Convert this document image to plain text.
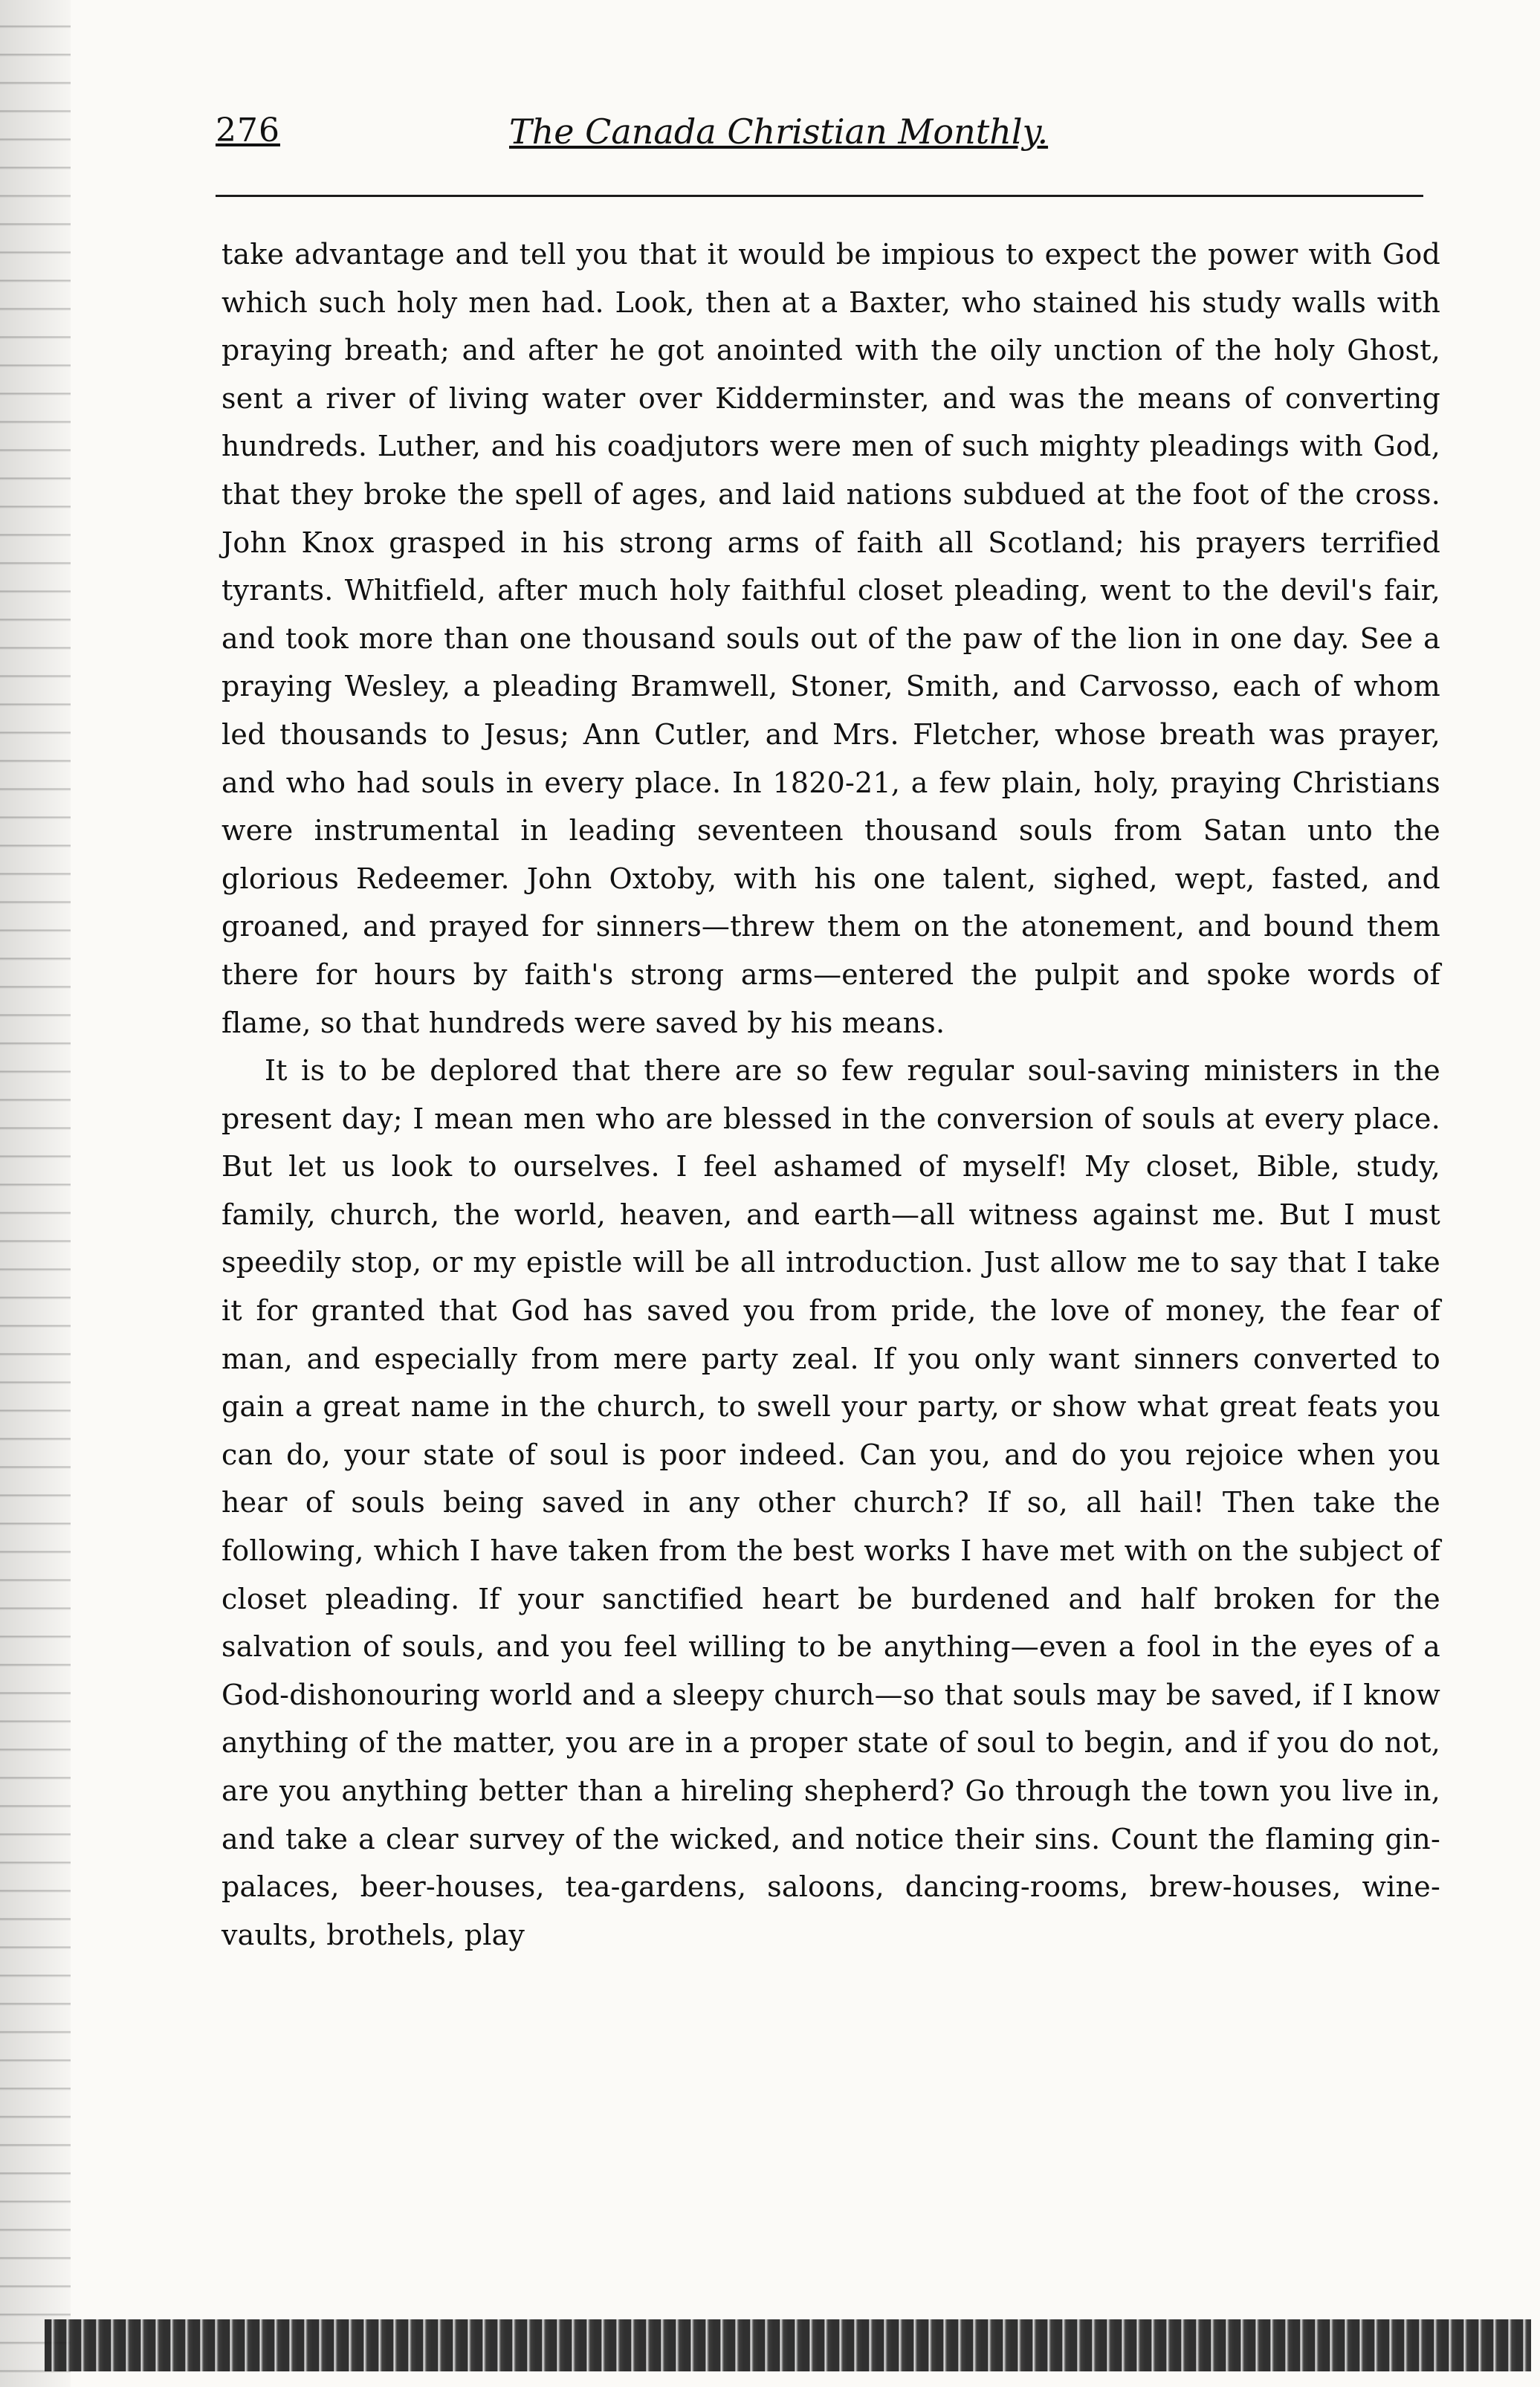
276	The Canada Christian Monthly.

take advantage and tell you that it would be impious to expect the power with God which such holy men had. Look, then at a Baxter, who stained his study walls with praying breath; and after he got anointed with the oily unction of the holy Ghost, sent a river of living water over Kidderminster, and was the means of converting hundreds. Luther, and his coadjutors were men of such mighty pleadings with God, that they broke the spell of ages, and laid nations subdued at the foot of the cross. John Knox grasped in his strong arms of faith all Scotland; his prayers terrified tyrants. Whitfield, after much holy faithful closet pleading, went to the devil's fair, and took more than one thousand souls out of the paw of the lion in one day. See a praying Wesley, a pleading Bramwell, Stoner, Smith, and Carvosso, each of whom led thousands to Jesus; Ann Cutler, and Mrs. Fletcher, whose breath was prayer, and who had souls in every place. In 1820-21, a few plain, holy, praying Christians were instrumental in leading seventeen thousand souls from Satan unto the glorious Redeemer. John Oxtoby, with his one talent, sighed, wept, fasted, and groaned, and prayed for sinners—threw them on the atonement, and bound them there for hours by faith's strong arms—entered the pulpit and spoke words of flame, so that hundreds were saved by his means.

It is to be deplored that there are so few regular soul-saving ministers in the present day; I mean men who are blessed in the conversion of souls at every place. But let us look to ourselves. I feel ashamed of myself! My closet, Bible, study, family, church, the world, heaven, and earth—all witness against me. But I must speedily stop, or my epistle will be all introduction. Just allow me to say that I take it for granted that God has saved you from pride, the love of money, the fear of man, and especially from mere party zeal. If you only want sinners converted to gain a great name in the church, to swell your party, or show what great feats you can do, your state of soul is poor indeed. Can you, and do you rejoice when you hear of souls being saved in any other church? If so, all hail! Then take the following, which I have taken from the best works I have met with on the subject of closet pleading. If your sanctified heart be burdened and half broken for the salvation of souls, and you feel willing to be anything—even a fool in the eyes of a God-dishonouring world and a sleepy church—so that souls may be saved, if I know anything of the matter, you are in a proper state of soul to begin, and if you do not, are you anything better than a hireling shepherd? Go through the town you live in, and take a clear survey of the wicked, and notice their sins. Count the flaming gin-palaces, beer-houses, tea-gardens, saloons, dancing-rooms, brew-houses, wine-vaults, brothels, play
